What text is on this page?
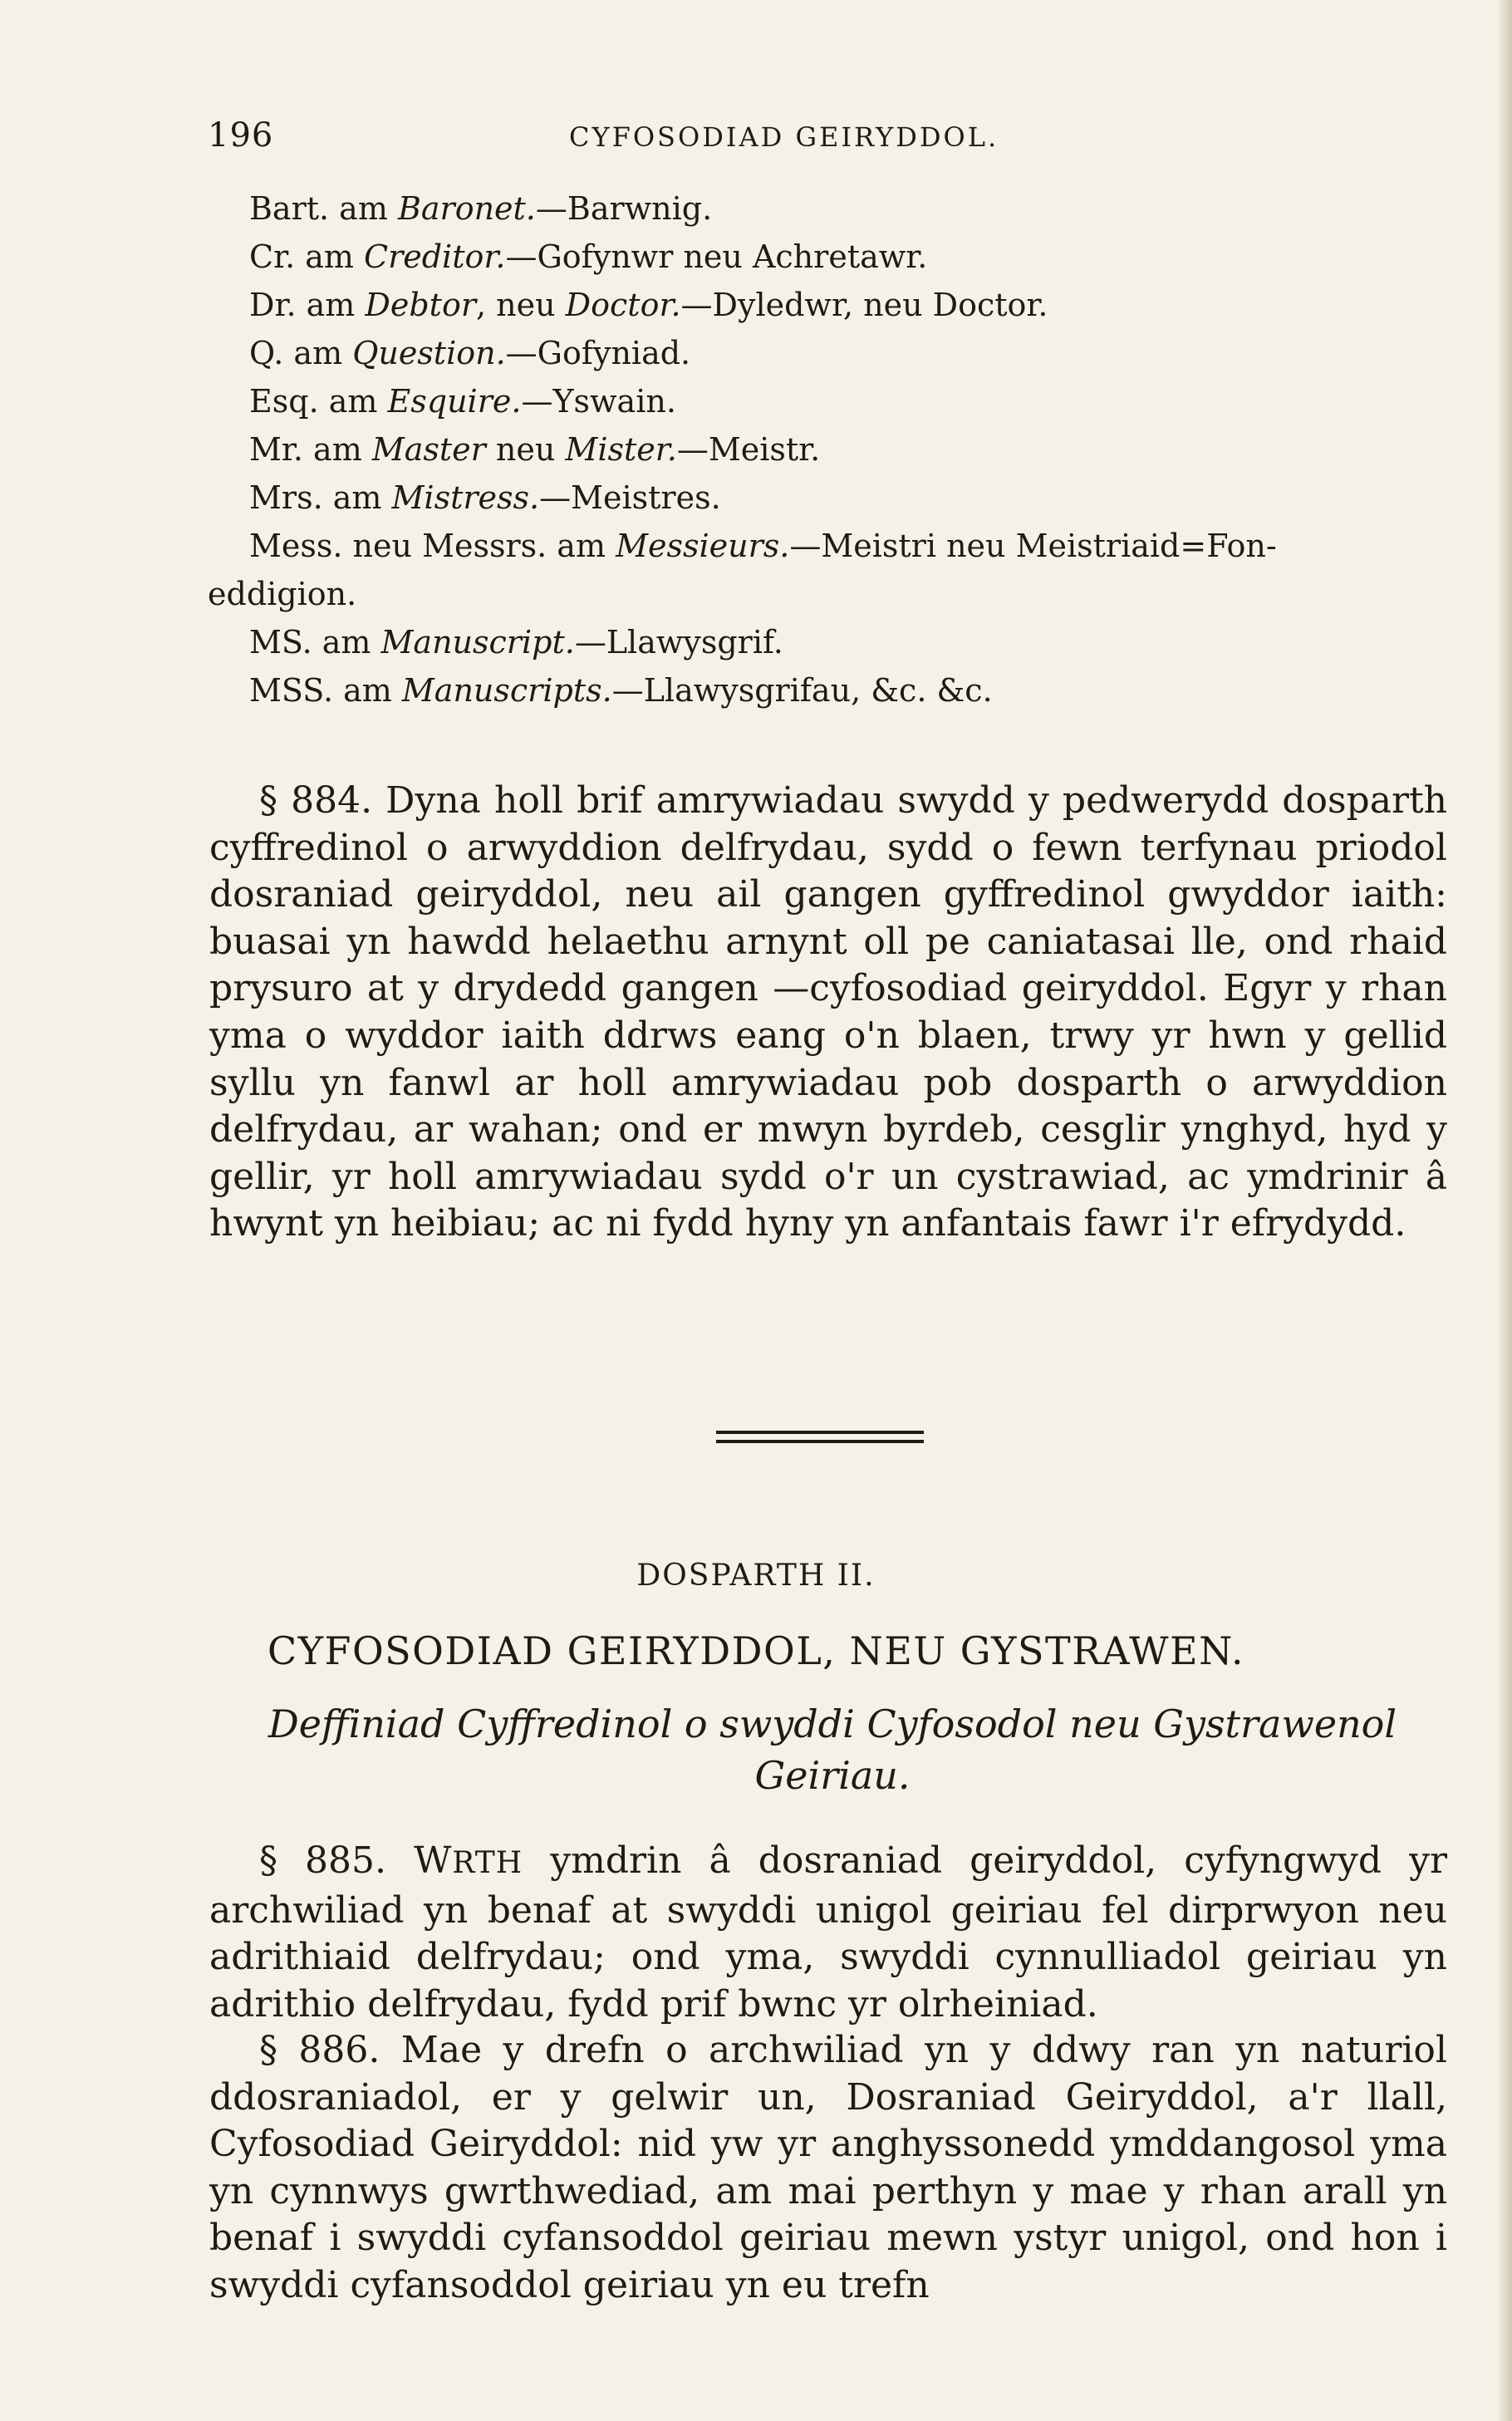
196	CYFOSODIAD GEIRYDDOL.
Bart. am Baronet.—Barwnig.
Cr. am Creditor.—Gofynwr neu Achretawr.
Dr. am Debtor, neu Doctor.—Dyledwr, neu Doctor.
Q. am Question.—Gofyniad.
Esq. am Esquire.—Yswain.
Mr. am Master neu Mister.—Meistr.
Mrs. am Mistress.—Meistres.
Mess. neu Messrs. am Messieurs.—Meistri neu Meistriaid=Fon-
eddigion.
MS. am Manuscript.—Llawysgrif.
MSS. am Manuscripts.—Llawysgrifau, &c. &c.
§ 884. Dyna holl brif amrywiadau swydd y pedwerydd dosparth cyffredinol o arwyddion delfrydau, sydd o fewn terfynau priodol dosraniad geiryddol, neu ail gangen gyffredinol gwyddor iaith: buasai yn hawdd helaethu arnynt oll pe caniatasai lle, ond rhaid prysuro at y drydedd gangen —cyfosodiad geiryddol. Egyr y rhan yma o wyddor iaith ddrws eang o'n blaen, trwy yr hwn y gellid syllu yn fanwl ar holl amrywiadau pob dosparth o arwyddion delfrydau, ar wahan; ond er mwyn byrdeb, cesglir ynghyd, hyd y gellir, yr holl amrywiadau sydd o'r un cystrawiad, ac ymdrinir â hwynt yn heibiau; ac ni fydd hyny yn anfantais fawr i'r efrydydd.
DOSPARTH II.
CYFOSODIAD GEIRYDDOL, NEU GYSTRAWEN.
Deffiniad Cyffredinol o swyddi Cyfosodol neu Gystrawenol Geiriau.
§ 885. WRTH ymdrin â dosraniad geiryddol, cyfyngwyd yr archwiliad yn benaf at swyddi unigol geiriau fel dirprwyon neu adrithiaid delfrydau; ond yma, swyddi cynnulliadol geiriau yn adrithio delfrydau, fydd prif bwnc yr olrheiniad.
§ 886. Mae y drefn o archwiliad yn y ddwy ran yn naturiol ddosraniadol, er y gelwir un, Dosraniad Geiryddol, a'r llall, Cyfosodiad Geiryddol: nid yw yr anghyssonedd ymddangosol yma yn cynnwys gwrthwediad, am mai perthyn y mae y rhan arall yn benaf i swyddi cyfansoddol geiriau mewn ystyr unigol, ond hon i swyddi cyfansoddol geiriau yn eu trefn
